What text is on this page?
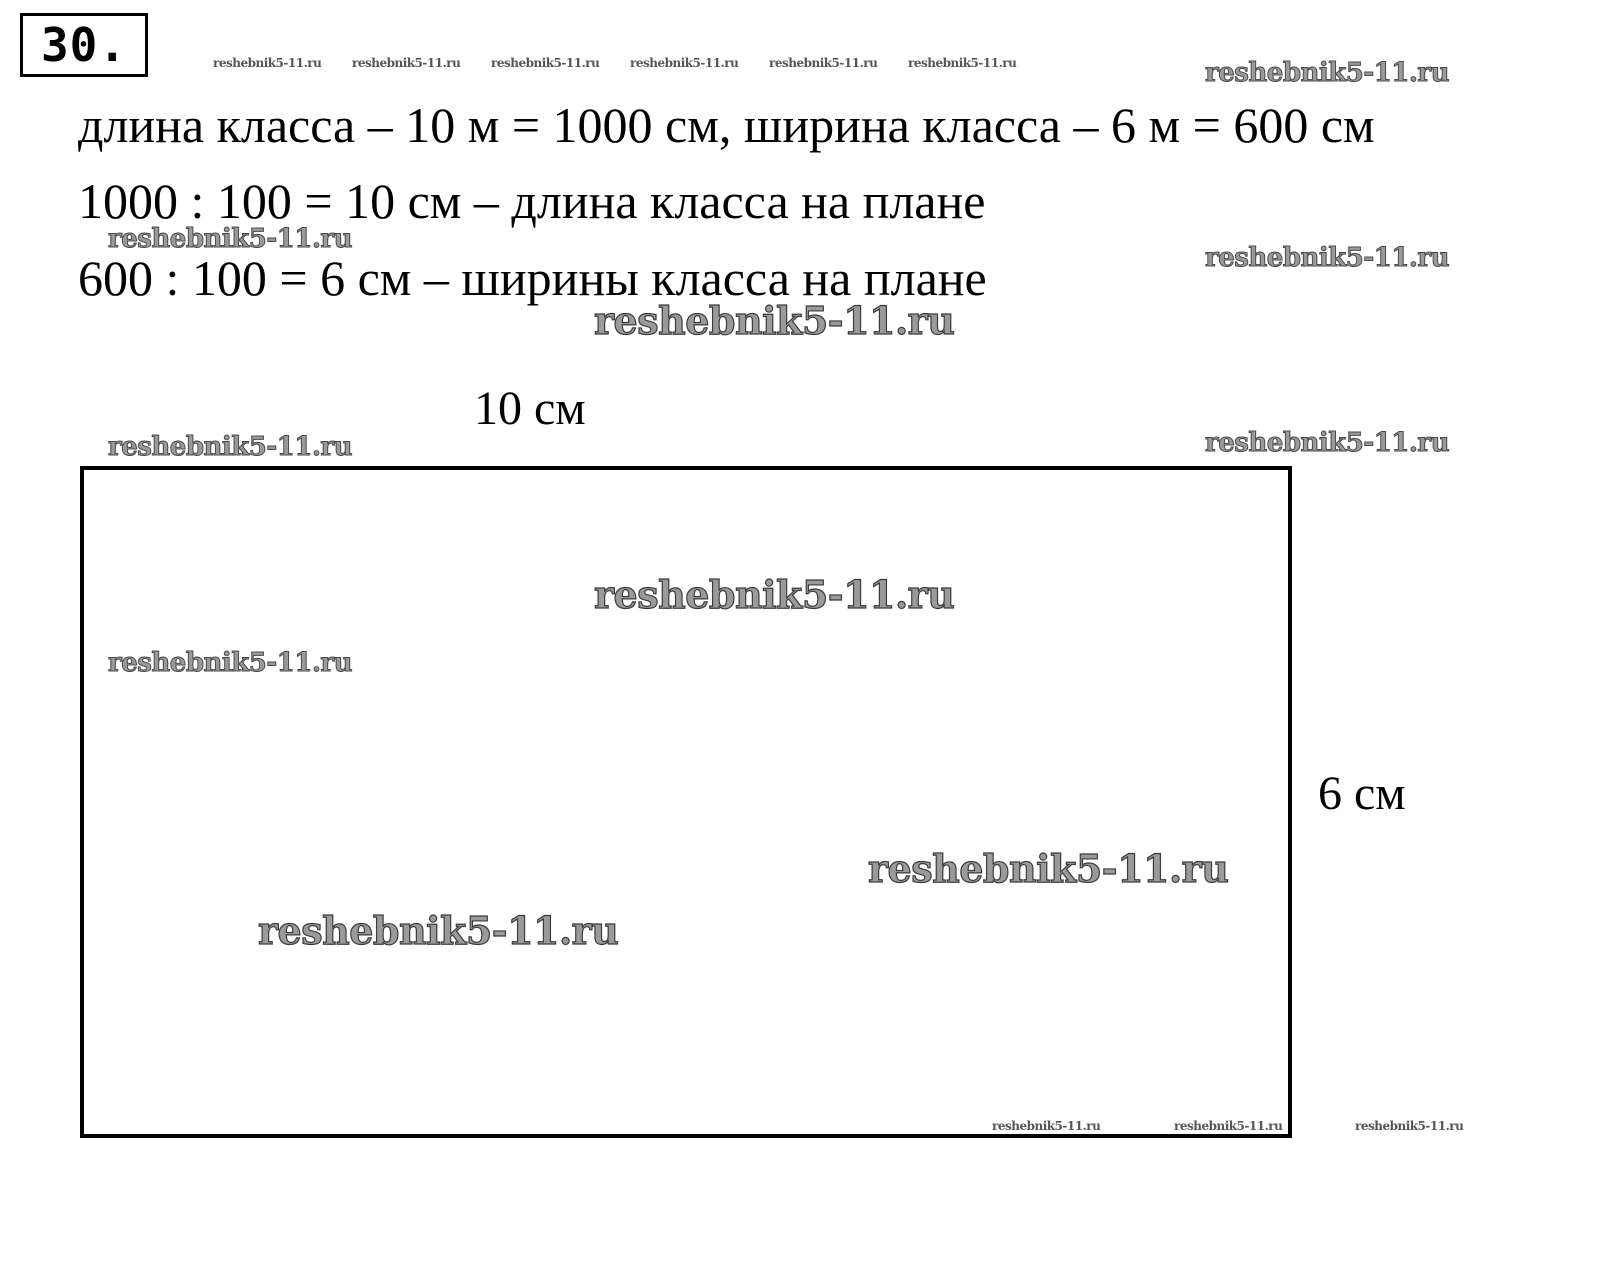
30.
длина класса – 10 м = 1000 см, ширина класса – 6 м = 600 см
1000 : 100 = 10 см – длина класса на плане
600 : 100 = 6 см – ширины класса на плане
10 см
6 см
reshebnik5-11.ru	reshebnik5-11.ru	reshebnik5-11.ru	reshebnik5-11.ru	reshebnik5-11.ru	reshebnik5-11.ru	reshebnik5-11.ru
reshebnik5-11.ru
reshebnik5-11.ru
reshebnik5-11.ru	reshebnik5-11.ru
reshebnik5-11.ru
reshebnik5-11.ru
reshebnik5-11.ru
reshebnik5-11.ru
reshebnik5-11.ru
reshebnik5-11.ru	reshebnik5-11.ru	reshebnik5-11.ru
